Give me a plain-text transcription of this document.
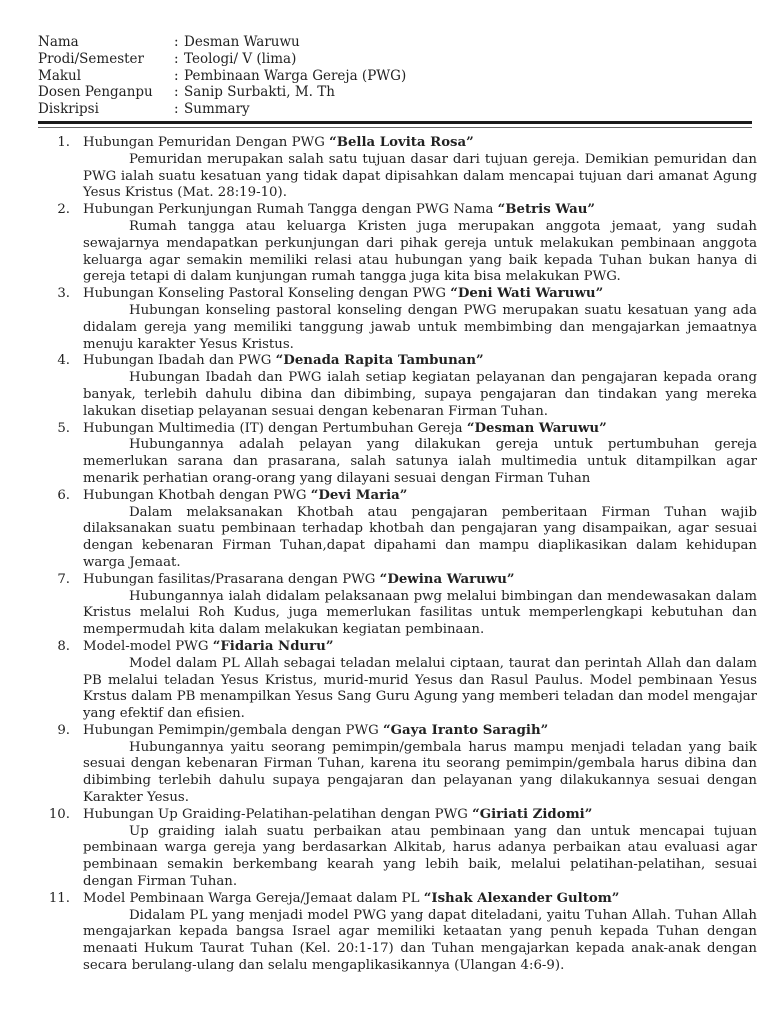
Nama	: Desman Waruwu
Prodi/Semester	: Teologi/ V (lima)
Makul	: Pembinaan Warga Gereja (PWG)
Dosen Penganpu	: Sanip Surbakti, M. Th
Diskripsi	: Summary
1. Hubungan Pemuridan Dengan PWG “Bella Lovita Rosa”
Pemuridan merupakan salah satu tujuan dasar dari tujuan gereja. Demikian pemuridan dan PWG ialah suatu kesatuan yang tidak dapat dipisahkan dalam mencapai tujuan dari amanat Agung Yesus Kristus (Mat. 28:19-10).
2. Hubungan Perkunjungan Rumah Tangga dengan PWG Nama “Betris Wau”
Rumah tangga atau keluarga Kristen juga merupakan anggota jemaat, yang sudah sewajarnya mendapatkan perkunjungan dari pihak gereja untuk melakukan pembinaan anggota keluarga agar semakin memiliki relasi atau hubungan yang baik kepada Tuhan bukan hanya di gereja tetapi di dalam kunjungan rumah tangga juga kita bisa melakukan PWG.
3. Hubungan Konseling Pastoral Konseling dengan PWG “Deni Wati Waruwu”
Hubungan konseling pastoral konseling dengan PWG merupakan suatu kesatuan yang ada didalam gereja yang memiliki tanggung jawab untuk membimbing dan mengajarkan jemaatnya menuju karakter Yesus Kristus.
4. Hubungan Ibadah dan PWG “Denada Rapita Tambunan”
Hubungan Ibadah dan PWG ialah setiap kegiatan pelayanan dan pengajaran kepada orang banyak, terlebih dahulu dibina dan dibimbing, supaya pengajaran dan tindakan yang mereka lakukan disetiap pelayanan sesuai dengan kebenaran Firman Tuhan.
5. Hubungan Multimedia (IT) dengan Pertumbuhan Gereja “Desman Waruwu”
Hubungannya adalah pelayan yang dilakukan gereja untuk pertumbuhan gereja memerlukan sarana dan prasarana, salah satunya ialah multimedia untuk ditampilkan agar menarik perhatian orang-orang yang dilayani sesuai dengan Firman Tuhan
6. Hubungan Khotbah dengan PWG “Devi Maria”
Dalam melaksanakan Khotbah atau pengajaran pemberitaan Firman Tuhan wajib dilaksanakan suatu pembinaan terhadap khotbah dan pengajaran yang disampaikan, agar sesuai dengan kebenaran Firman Tuhan,dapat dipahami dan mampu diaplikasikan dalam kehidupan warga Jemaat.
7. Hubungan fasilitas/Prasarana dengan PWG “Dewina Waruwu”
Hubungannya ialah didalam pelaksanaan pwg melalui bimbingan dan mendewasakan dalam Kristus melalui Roh Kudus, juga memerlukan fasilitas untuk memperlengkapi kebutuhan dan mempermudah kita dalam melakukan kegiatan pembinaan.
8. Model-model PWG “Fidaria Nduru”
Model dalam PL Allah sebagai teladan melalui ciptaan, taurat dan perintah Allah dan dalam PB melalui teladan Yesus Kristus, murid-murid Yesus dan Rasul Paulus. Model pembinaan Yesus Krstus dalam PB menampilkan Yesus Sang Guru Agung yang memberi teladan dan model mengajar yang efektif dan efisien.
9. Hubungan Pemimpin/gembala dengan PWG “Gaya Iranto Saragih”
Hubungannya yaitu seorang pemimpin/gembala harus mampu menjadi teladan yang baik sesuai dengan kebenaran Firman Tuhan, karena itu seorang pemimpin/gembala harus dibina dan dibimbing terlebih dahulu supaya pengajaran dan pelayanan yang dilakukannya sesuai dengan Karakter Yesus.
10. Hubungan Up Graiding-Pelatihan-pelatihan dengan PWG “Giriati Zidomi”
Up graiding ialah suatu perbaikan atau pembinaan yang dan untuk mencapai tujuan pembinaan warga gereja yang berdasarkan Alkitab, harus adanya perbaikan atau evaluasi agar pembinaan semakin berkembang kearah yang lebih baik, melalui pelatihan-pelatihan, sesuai dengan Firman Tuhan.
11. Model Pembinaan Warga Gereja/Jemaat dalam PL “Ishak Alexander Gultom”
Didalam PL yang menjadi model PWG yang dapat diteladani, yaitu Tuhan Allah. Tuhan Allah mengajarkan kepada bangsa Israel agar memiliki ketaatan yang penuh kepada Tuhan dengan menaati Hukum Taurat Tuhan (Kel. 20:1-17) dan Tuhan mengajarkan kepada anak-anak dengan secara berulang-ulang dan selalu mengaplikasikannya (Ulangan 4:6-9).
